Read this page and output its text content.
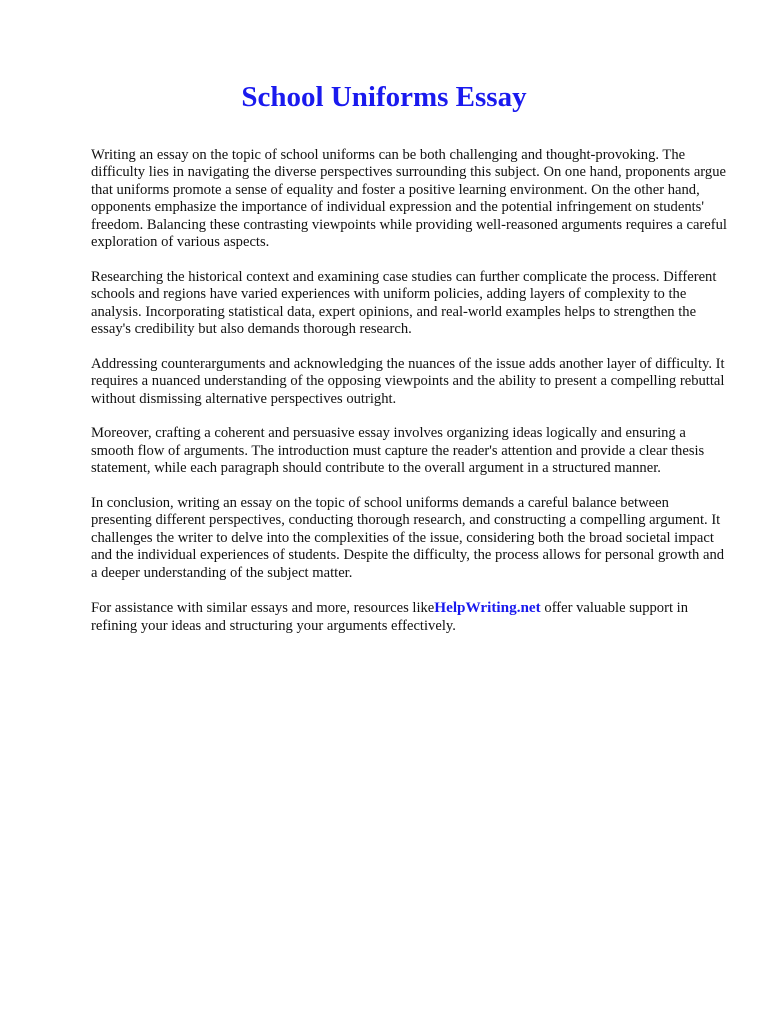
School Uniforms Essay

Writing an essay on the topic of school uniforms can be both challenging and thought-provoking. The difficulty lies in navigating the diverse perspectives surrounding this subject. On one hand, proponents argue that uniforms promote a sense of equality and foster a positive learning environment. On the other hand, opponents emphasize the importance of individual expression and the potential infringement on students' freedom. Balancing these contrasting viewpoints while providing well-reasoned arguments requires a careful exploration of various aspects.

Researching the historical context and examining case studies can further complicate the process. Different schools and regions have varied experiences with uniform policies, adding layers of complexity to the analysis. Incorporating statistical data, expert opinions, and real-world examples helps to strengthen the essay's credibility but also demands thorough research.

Addressing counterarguments and acknowledging the nuances of the issue adds another layer of difficulty. It requires a nuanced understanding of the opposing viewpoints and the ability to present a compelling rebuttal without dismissing alternative perspectives outright.

Moreover, crafting a coherent and persuasive essay involves organizing ideas logically and ensuring a smooth flow of arguments. The introduction must capture the reader's attention and provide a clear thesis statement, while each paragraph should contribute to the overall argument in a structured manner.

In conclusion, writing an essay on the topic of school uniforms demands a careful balance between presenting different perspectives, conducting thorough research, and constructing a compelling argument. It challenges the writer to delve into the complexities of the issue, considering both the broad societal impact and the individual experiences of students. Despite the difficulty, the process allows for personal growth and a deeper understanding of the subject matter.

For assistance with similar essays and more, resources likeHelpWriting.net offer valuable support in refining your ideas and structuring your arguments effectively.
